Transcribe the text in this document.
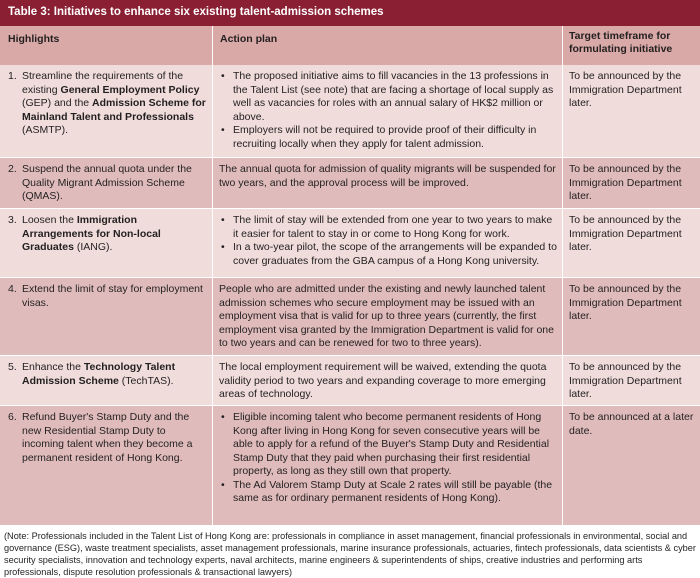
Table 3: Initiatives to enhance six existing talent-admission schemes
Highlights	Action plan	Target timeframe for formulating initiative
1. Streamline the requirements of the existing General Employment Policy (GEP) and the Admission Scheme for Mainland Talent and Professionals (ASMTP).
• The proposed initiative aims to fill vacancies in the 13 professions in the Talent List (see note) that are facing a shortage of local supply as well as vacancies for roles with an annual salary of HK$2 million or above.
• Employers will not be required to provide proof of their difficulty in recruiting locally when they apply for talent admission.
To be announced by the Immigration Department later.
2. Suspend the annual quota under the Quality Migrant Admission Scheme (QMAS).

The annual quota for admission of quality migrants will be suspended for two years, and the approval process will be improved.

To be announced by the Immigration Department later.
3. Loosen the Immigration Arrangements for Non-local Graduates (IANG).
• The limit of stay will be extended from one year to two years to make it easier for talent to stay in or come to Hong Kong for work.
• In a two-year pilot, the scope of the arrangements will be expanded to cover graduates from the GBA campus of a Hong Kong university.
To be announced by the Immigration Department later.
4. Extend the limit of stay for employment visas.

People who are admitted under the existing and newly launched talent admission schemes who secure employment may be issued with an employment visa that is valid for up to three years (currently, the first employment visa granted by the Immigration Department is valid for one to two years and can be renewed for two to three years).

To be announced by the Immigration Department later.
5. Enhance the Technology Talent Admission Scheme (TechTAS).

The local employment requirement will be waived, extending the quota validity period to two years and expanding coverage to more emerging areas of technology.

To be announced by the Immigration Department later.
6. Refund Buyer's Stamp Duty and the new Residential Stamp Duty to incoming talent when they become a permanent resident of Hong Kong.
• Eligible incoming talent who become permanent residents of Hong Kong after living in Hong Kong for seven consecutive years will be able to apply for a refund of the Buyer's Stamp Duty and Residential Stamp Duty that they paid when purchasing their first residential property, as long as they still own that property.
• The Ad Valorem Stamp Duty at Scale 2 rates will still be payable (the same as for ordinary permanent residents of Hong Kong).
To be announced at a later date.
(Note: Professionals included in the Talent List of Hong Kong are: professionals in compliance in asset management, financial professionals in environmental, social and governance (ESG), waste treatment specialists, asset management professionals, marine insurance professionals, actuaries, fintech professionals, data scientists & cyber security specialists, innovation and technology experts, naval architects, marine engineers & superintendents of ships, creative industries and performing arts professionals, dispute resolution professionals & transactional lawyers)
